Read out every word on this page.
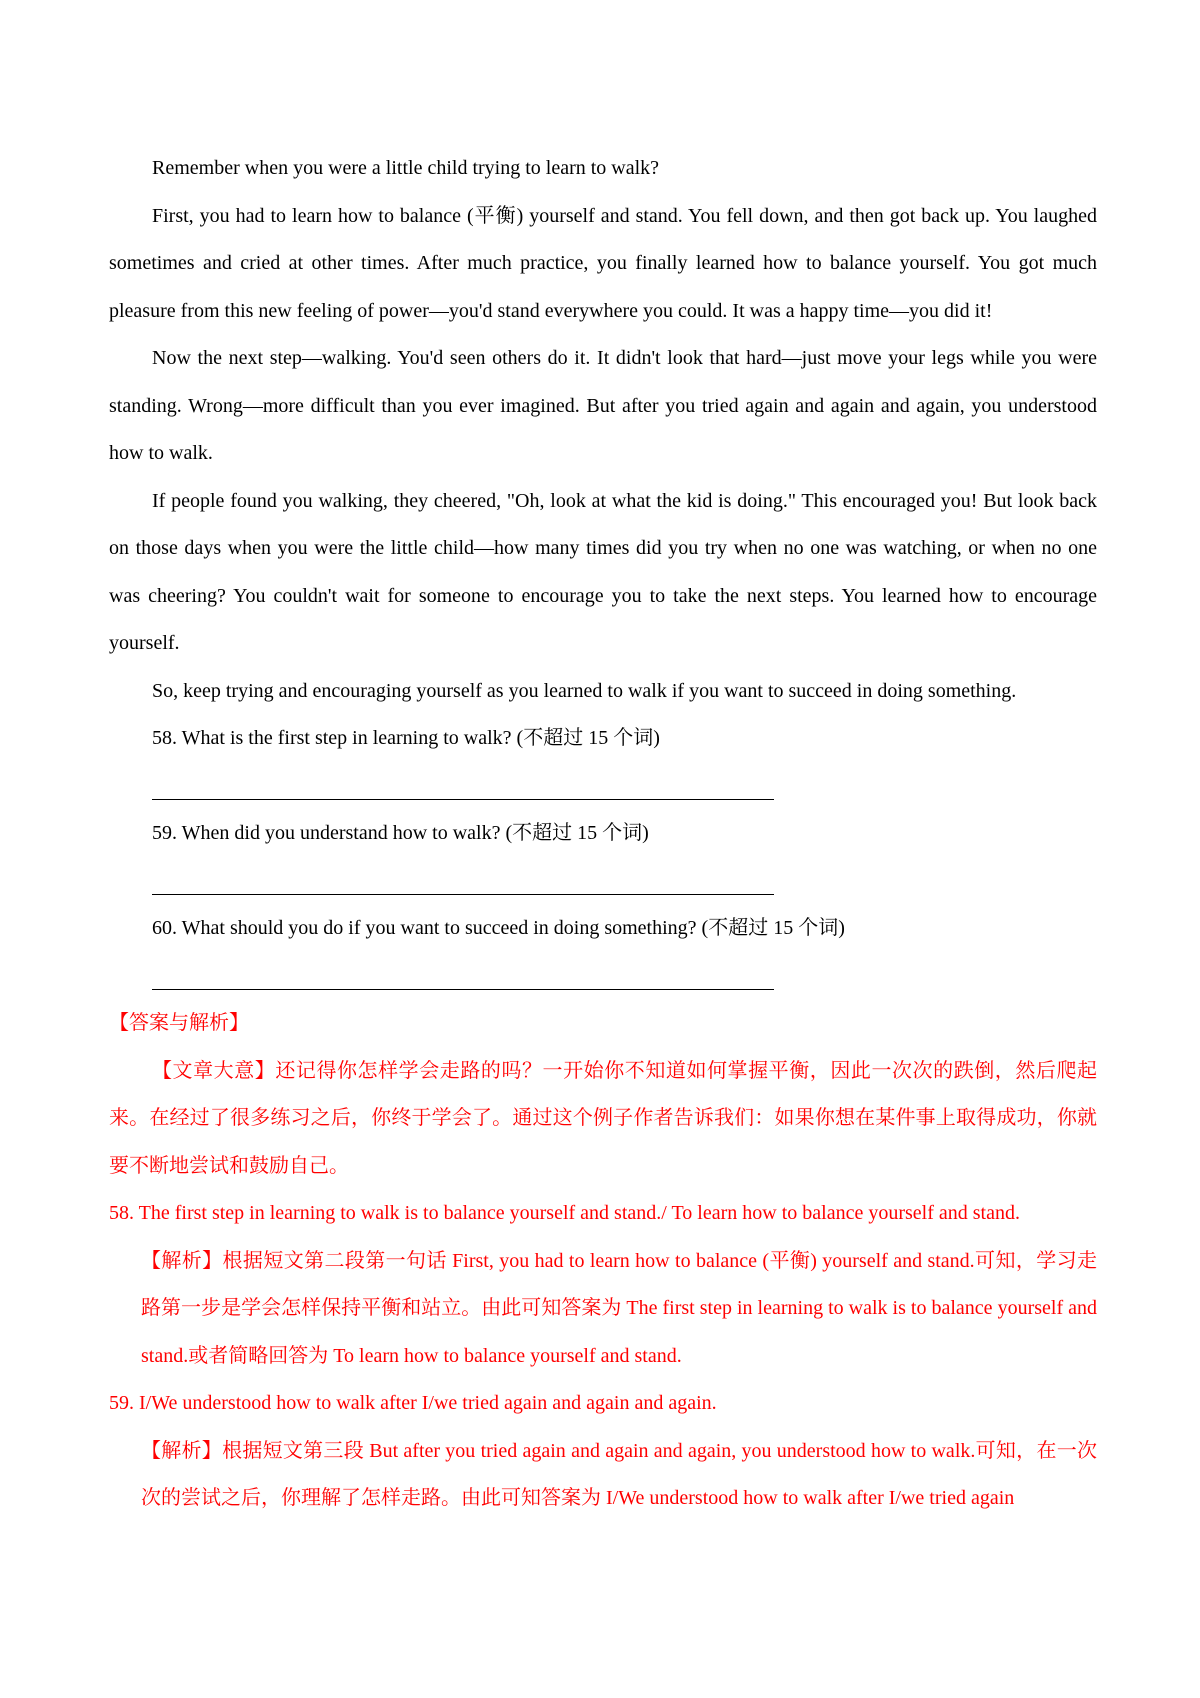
Remember when you were a little child trying to learn to walk?

First, you had to learn how to balance (平衡) yourself and stand. You fell down, and then got back up. You laughed sometimes and cried at other times. After much practice, you finally learned how to balance yourself. You got much pleasure from this new feeling of power—you'd stand everywhere you could. It was a happy time—you did it!

Now the next step—walking. You'd seen others do it. It didn't look that hard—just move your legs while you were standing. Wrong—more difficult than you ever imagined. But after you tried again and again and again, you understood how to walk.

If people found you walking, they cheered, "Oh, look at what the kid is doing." This encouraged you! But look back on those days when you were the little child—how many times did you try when no one was watching, or when no one was cheering? You couldn't wait for someone to encourage you to take the next steps. You learned how to encourage yourself.

So, keep trying and encouraging yourself as you learned to walk if you want to succeed in doing something.

58. What is the first step in learning to walk? (不超过 15 个词)

59. When did you understand how to walk? (不超过 15 个词)

60. What should you do if you want to succeed in doing something? (不超过 15 个词)

【答案与解析】

【文章大意】还记得你怎样学会走路的吗？一开始你不知道如何掌握平衡，因此一次次的跌倒，然后爬起来。在经过了很多练习之后，你终于学会了。通过这个例子作者告诉我们：如果你想在某件事上取得成功，你就要不断地尝试和鼓励自己。

58. The first step in learning to walk is to balance yourself and stand./ To learn how to balance yourself and stand.

【解析】根据短文第二段第一句话 First, you had to learn how to balance (平衡) yourself and stand.可知，学习走路第一步是学会怎样保持平衡和站立。由此可知答案为 The first step in learning to walk is to balance yourself and stand.或者简略回答为 To learn how to balance yourself and stand.

59. I/We understood how to walk after I/we tried again and again and again.

【解析】根据短文第三段 But after you tried again and again and again, you understood how to walk.可知，在一次次的尝试之后，你理解了怎样走路。由此可知答案为 I/We understood how to walk after I/we tried again
